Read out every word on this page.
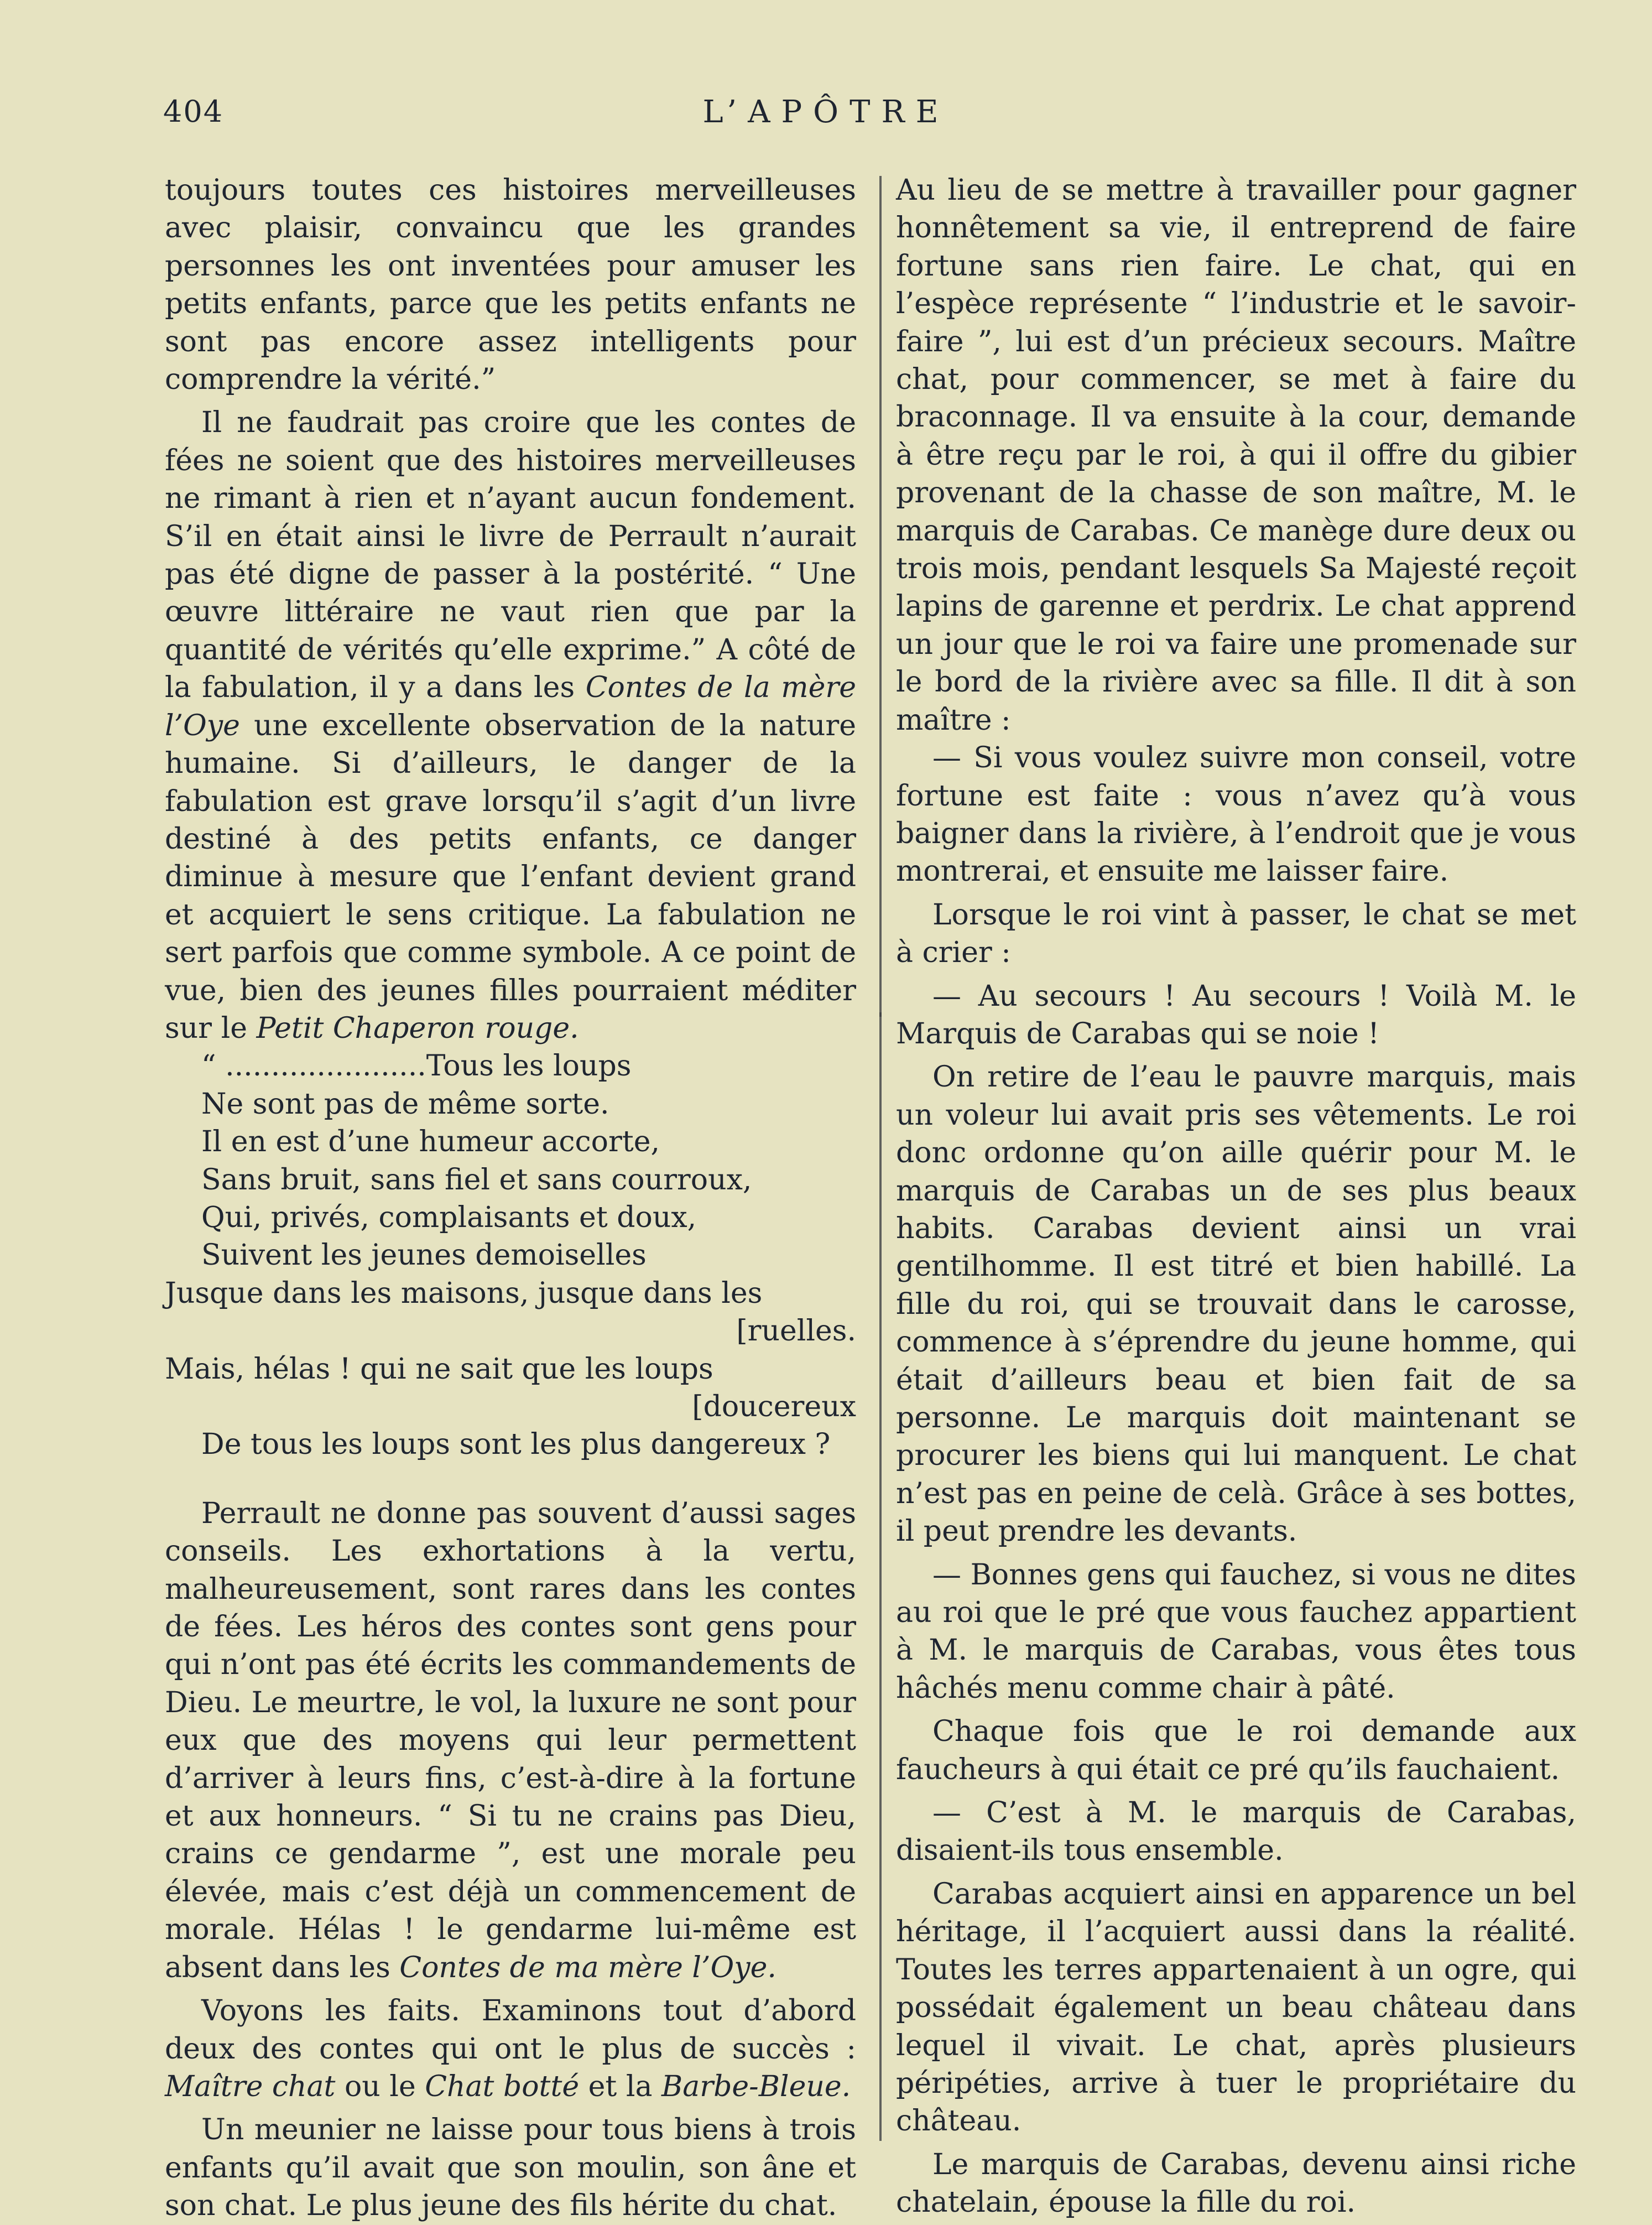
404	L’APÔTRE

toujours toutes ces histoires merveilleuses avec plaisir, convaincu que les grandes personnes les ont inventées pour amuser les petits enfants, parce que les petits enfants ne sont pas encore assez intelligents pour comprendre la vérité.”

Il ne faudrait pas croire que les contes de fées ne soient que des histoires merveilleuses ne rimant à rien et n’ayant aucun fondement. S’il en était ainsi le livre de Perrault n’aurait pas été digne de passer à la postérité. “ Une œuvre littéraire ne vaut rien que par la quantité de vérités qu’elle exprime.” A côté de la fabulation, il y a dans les Contes de la mère l’Oye une excellente observation de la nature humaine. Si d’ailleurs, le danger de la fabulation est grave lorsqu’il s’agit d’un livre destiné à des petits enfants, ce danger diminue à mesure que l’enfant devient grand et acquiert le sens critique. La fabulation ne sert parfois que comme symbole. A ce point de vue, bien des jeunes filles pourraient méditer sur le Petit Chaperon rouge.

“ ......................Tous les loups

Ne sont pas de même sorte.

Il en est d’une humeur accorte,

Sans bruit, sans fiel et sans courroux,

Qui, privés, complaisants et doux,

Suivent les jeunes demoiselles

Jusque dans les maisons, jusque dans les

[ruelles.

Mais, hélas ! qui ne sait que les loups

[doucereux

De tous les loups sont les plus dangereux ?

Perrault ne donne pas souvent d’aussi sages conseils. Les exhortations à la vertu, malheureusement, sont rares dans les contes de fées. Les héros des contes sont gens pour qui n’ont pas été écrits les commandements de Dieu. Le meurtre, le vol, la luxure ne sont pour eux que des moyens qui leur permettent d’arriver à leurs fins, c’est-à-dire à la fortune et aux honneurs. “ Si tu ne crains pas Dieu, crains ce gendarme ”, est une morale peu élevée, mais c’est déjà un commencement de morale. Hélas ! le gendarme lui-même est absent dans les Contes de ma mère l’Oye.

Voyons les faits. Examinons tout d’abord deux des contes qui ont le plus de succès : Maître chat ou le Chat botté et la Barbe-Bleue.

Un meunier ne laisse pour tous biens à trois enfants qu’il avait que son moulin, son âne et son chat. Le plus jeune des fils hérite du chat.

Au lieu de se mettre à travailler pour gagner honnêtement sa vie, il entreprend de faire fortune sans rien faire. Le chat, qui en l’espèce représente “ l’industrie et le savoir-faire ”, lui est d’un précieux secours. Maître chat, pour commencer, se met à faire du braconnage. Il va ensuite à la cour, demande à être reçu par le roi, à qui il offre du gibier provenant de la chasse de son maître, M. le marquis de Carabas. Ce manège dure deux ou trois mois, pendant lesquels Sa Majesté reçoit lapins de garenne et perdrix. Le chat apprend un jour que le roi va faire une promenade sur le bord de la rivière avec sa fille. Il dit à son maître :

— Si vous voulez suivre mon conseil, votre fortune est faite : vous n’avez qu’à vous baigner dans la rivière, à l’endroit que je vous montrerai, et ensuite me laisser faire.

Lorsque le roi vint à passer, le chat se met à crier :

— Au secours ! Au secours ! Voilà M. le Marquis de Carabas qui se noie !

On retire de l’eau le pauvre marquis, mais un voleur lui avait pris ses vêtements. Le roi donc ordonne qu’on aille quérir pour M. le marquis de Carabas un de ses plus beaux habits. Carabas devient ainsi un vrai gentilhomme. Il est titré et bien habillé. La fille du roi, qui se trouvait dans le carosse, commence à s’éprendre du jeune homme, qui était d’ailleurs beau et bien fait de sa personne. Le marquis doit maintenant se procurer les biens qui lui manquent. Le chat n’est pas en peine de celà. Grâce à ses bottes, il peut prendre les devants.

— Bonnes gens qui fauchez, si vous ne dites au roi que le pré que vous fauchez appartient à M. le marquis de Carabas, vous êtes tous hâchés menu comme chair à pâté.

Chaque fois que le roi demande aux faucheurs à qui était ce pré qu’ils fauchaient.

— C’est à M. le marquis de Carabas, disaient-ils tous ensemble.

Carabas acquiert ainsi en apparence un bel héritage, il l’acquiert aussi dans la réalité. Toutes les terres appartenaient à un ogre, qui possédait également un beau château dans lequel il vivait. Le chat, après plusieurs péripéties, arrive à tuer le propriétaire du château.

Le marquis de Carabas, devenu ainsi riche chatelain, épouse la fille du roi.
